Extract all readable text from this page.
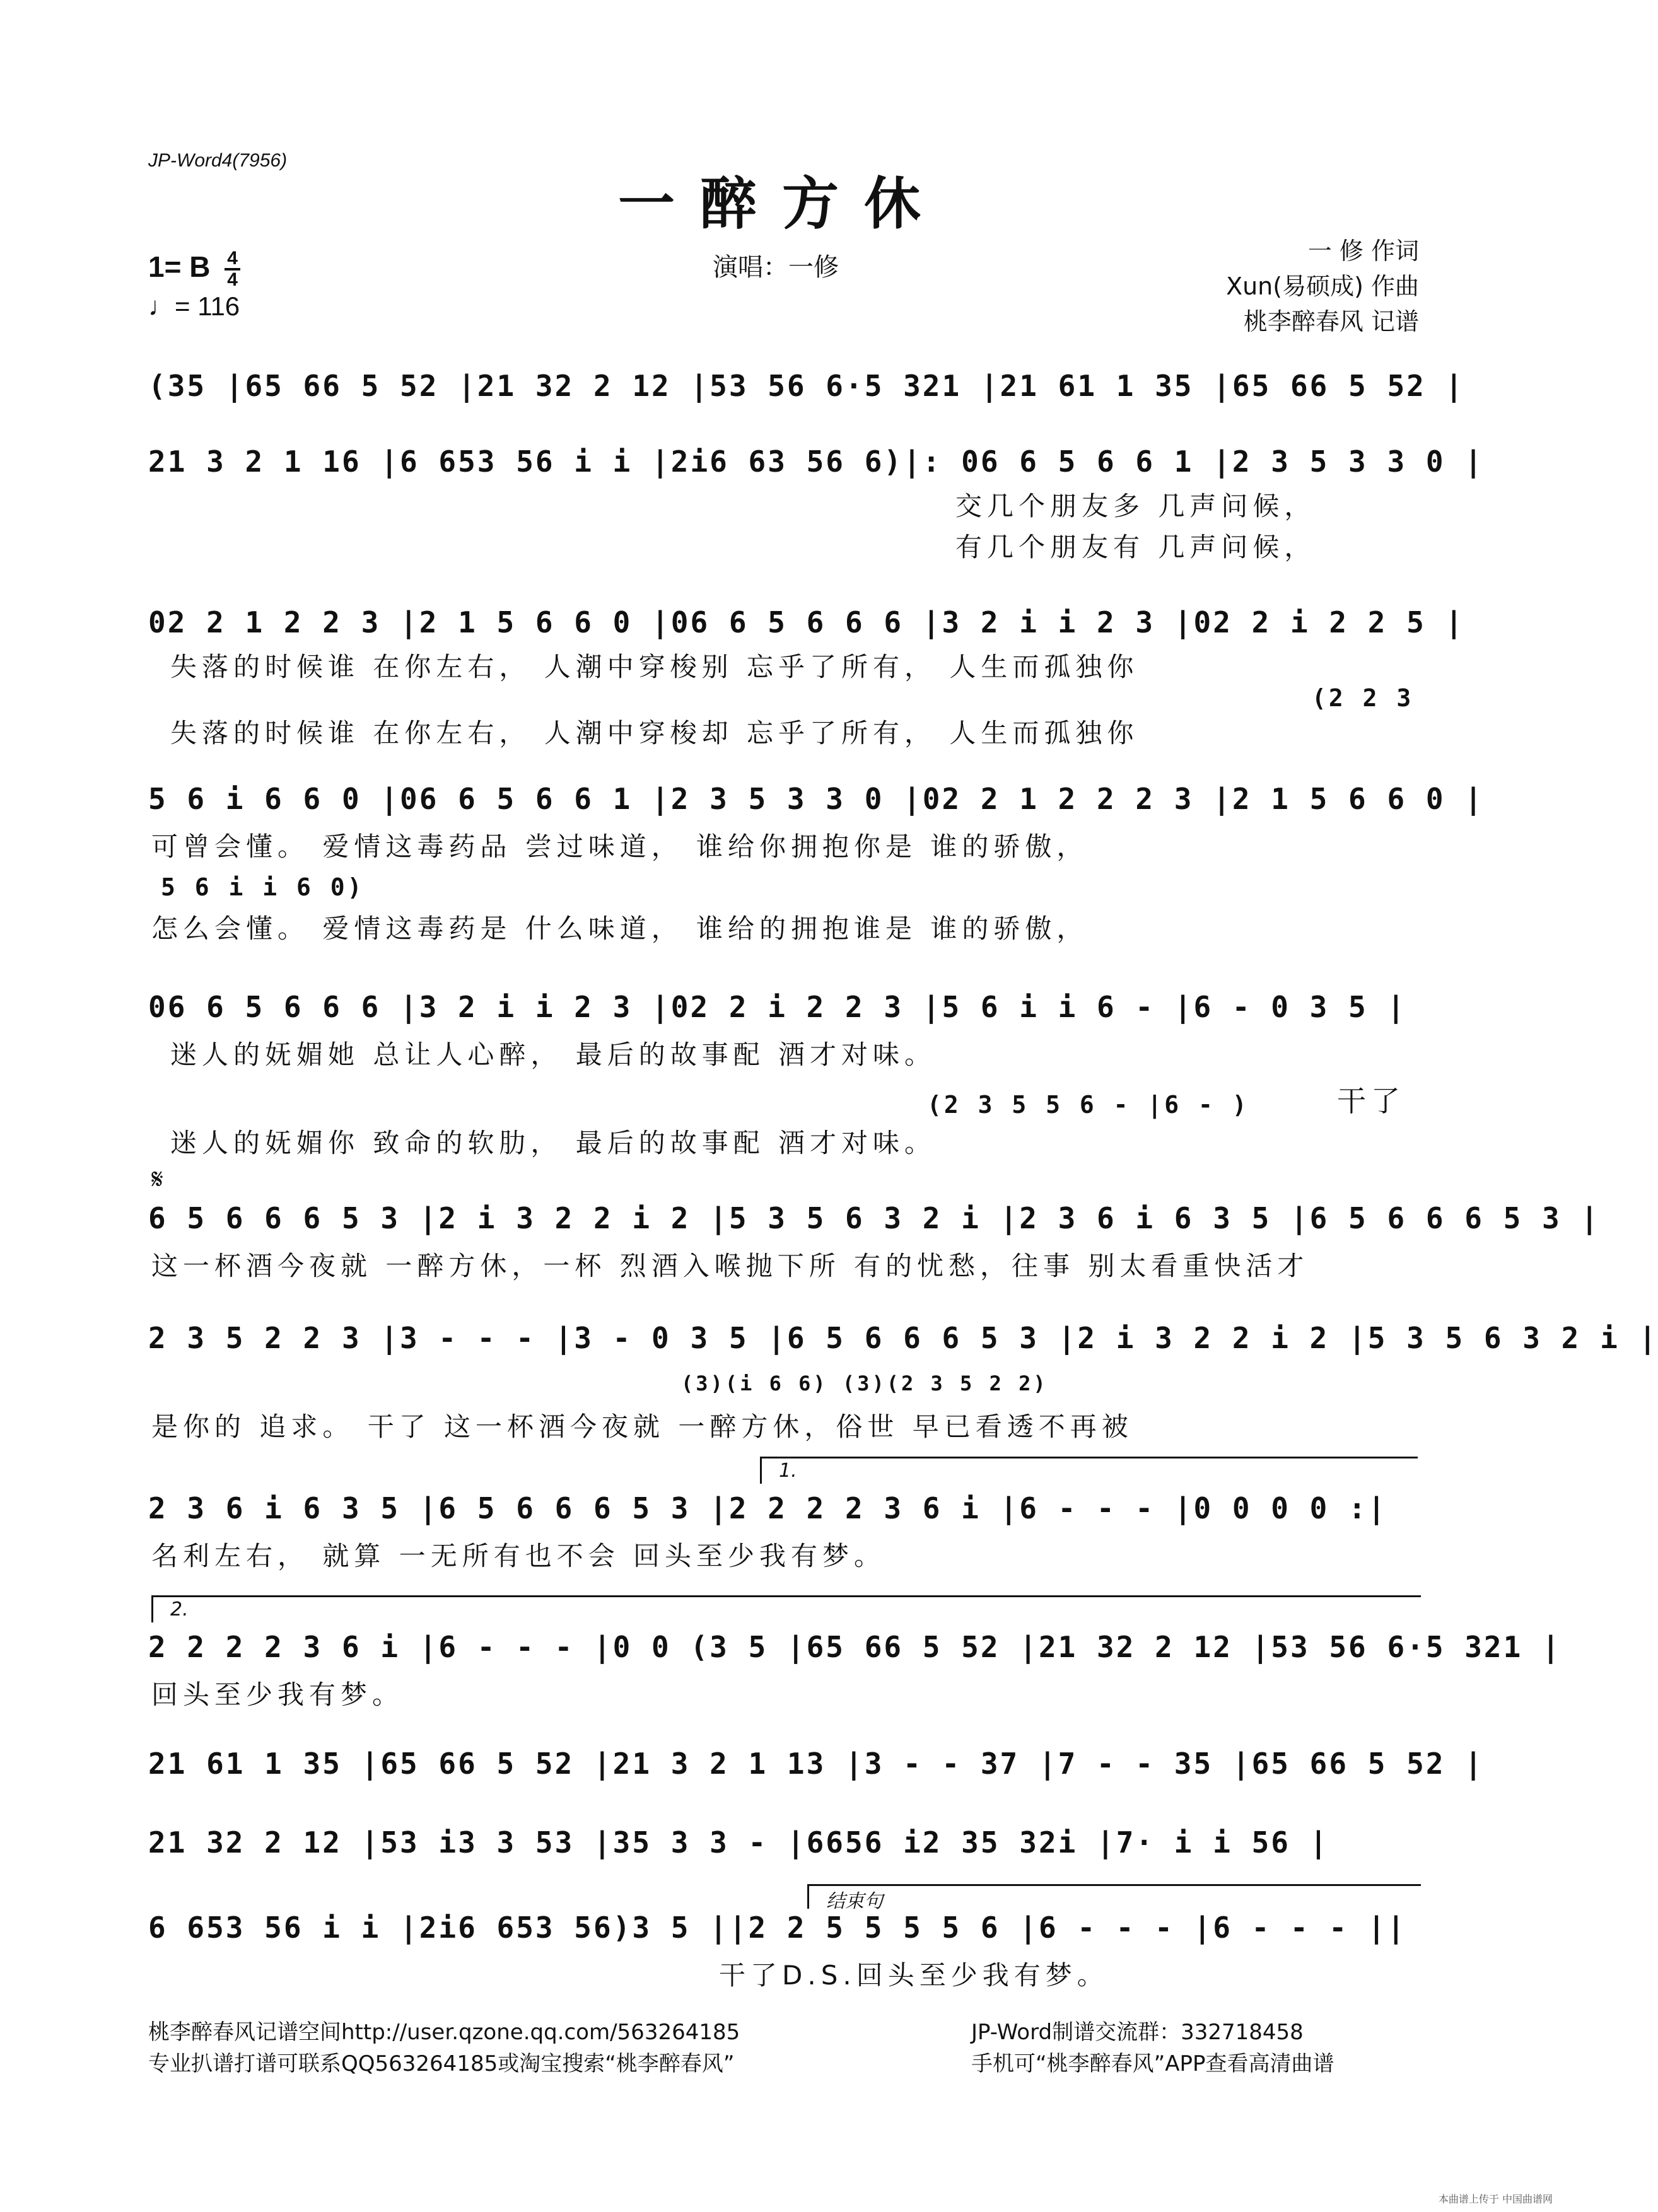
JP-Word4(7956)
一醉方休
1= B $\frac{4}{4}$
♩= 116
演唱：一修
一 修 作词
Xun(易硕成) 作曲
桃李醉春风 记谱
(35 |65 66 5 52 |21 32 2 12 |53 56 6·5 321 |21 61 1 35 |65 66 5 52 |
21 3 2 1 16 |6 653 56 i i |2i6 63 56 6)|: 06 6 5 6 6 1 |2 3 5 3 3 0 |
交几个朋友多 几声问候，
有几个朋友有 几声问候，
02 2 1 2 2 3 |2 1 5 6 6 0 |06 6 5 6 6 6 |3 2 i i 2 3 |02 2 i 2 2 5 |
失落的时候谁 在你左右， 人潮中穿梭别 忘乎了所有， 人生而孤独你
(2 2 3
失落的时候谁 在你左右， 人潮中穿梭却 忘乎了所有， 人生而孤独你
5 6 i 6 6 0 |06 6 5 6 6 1 |2 3 5 3 3 0 |02 2 1 2 2 2 3 |2 1 5 6 6 0 |
可曾会懂。 爱情这毒药品 尝过味道， 谁给你拥抱你是 谁的骄傲，
5 6 i i 6 0)
怎么会懂。 爱情这毒药是 什么味道， 谁给的拥抱谁是 谁的骄傲，
06 6 5 6 6 6 |3 2 i i 2 3 |02 2 i 2 2 3 |5 6 i i 6 - |6 - 0 3 5 |
迷人的妩媚她 总让人心醉， 最后的故事配 酒才对味。
(2 3 5 5 6 - |6 - )	干了
迷人的妩媚你 致命的软肋， 最后的故事配 酒才对味。
𝄋
6 5 6 6 6 5 3 |2 i 3 2 2 i 2 |5 3 5 6 3 2 i |2 3 6 i 6 3 5 |6 5 6 6 6 5 3 |
这一杯酒今夜就 一醉方休，一杯 烈酒入喉抛下所 有的忧愁，往事 别太看重快活才
2 3 5 2 2 3 |3 - - - |3 - 0 3 5 |6 5 6 6 6 5 3 |2 i 3 2 2 i 2 |5 3 5 6 3 2 i |
(3)(i 6 6) (3)(2 3 5 2 2)
是你的 追求。 干了 这一杯酒今夜就 一醉方休，俗世 早已看透不再被
1.
2 3 6 i 6 3 5 |6 5 6 6 6 5 3 |2 2 2 2 3 6 i |6 - - - |0 0 0 0 :|
名利左右， 就算 一无所有也不会 回头至少我有梦。
2.
2 2 2 2 3 6 i |6 - - - |0 0 (3 5 |65 66 5 52 |21 32 2 12 |53 56 6·5 321 |
回头至少我有梦。
21 61 1 35 |65 66 5 52 |21 3 2 1 13 |3 - - 37 |7 - - 35 |65 66 5 52 |
21 32 2 12 |53 i3 3 53 |35 3 3 - |6656 i2 35 32i |7· i i 56 |
结束句
6 653 56 i i |2i6 653 56)3 5 ||2 2 5 5 5 5 6 |6 - - - |6 - - - ||
干了D.S.回头至少我有梦。
桃李醉春风记谱空间http://user.qzone.qq.com/563264185
专业扒谱打谱可联系QQ563264185或淘宝搜索“桃李醉春风”
JP-Word制谱交流群：332718458
手机可“桃李醉春风”APP查看高清曲谱
本曲谱上传于 中国曲谱网
